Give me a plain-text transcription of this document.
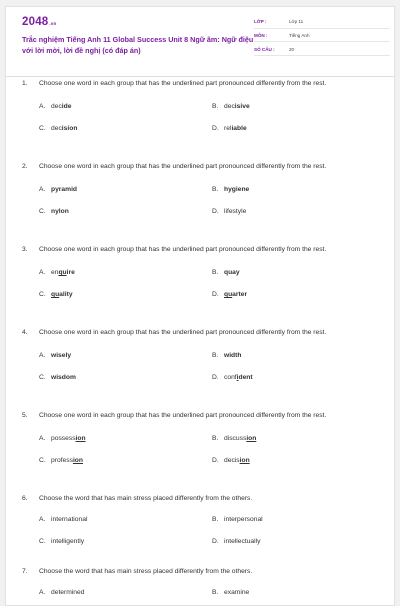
2048.vn
Trắc nghiệm Tiếng Anh 11 Global Success Unit 8 Ngữ âm: Ngữ điệu với lời mời, lời đề nghị (có đáp án)
LỚP :	Lớp 11
MÔN :	Tiếng Anh
SỐ CÂU :	20
1.	Choose one word in each group that has the underlined part pronounced differently from the rest.
A. decide	B. decisive
C. decision	D. reliable
2.	Choose one word in each group that has the underlined part pronounced differently from the rest.
A. pyramid	B. hygiene
C. nylon	D. lifestyle
3.	Choose one word in each group that has the underlined part pronounced differently from the rest.
A. enquire	B. quay
C. quality	D. quarter
4.	Choose one word in each group that has the underlined part pronounced differently from the rest.
A. wisely	B. width
C. wisdom	D. confident
5.	Choose one word in each group that has the underlined part pronounced differently from the rest.
A. possession	B. discussion
C. profession	D. decision
6.	Choose the word that has main stress placed differently from the others.
A. international	B. interpersonal
C. intelligently	D. intellectually
7.	Choose the word that has main stress placed differently from the others.
A. determined	B. examine
